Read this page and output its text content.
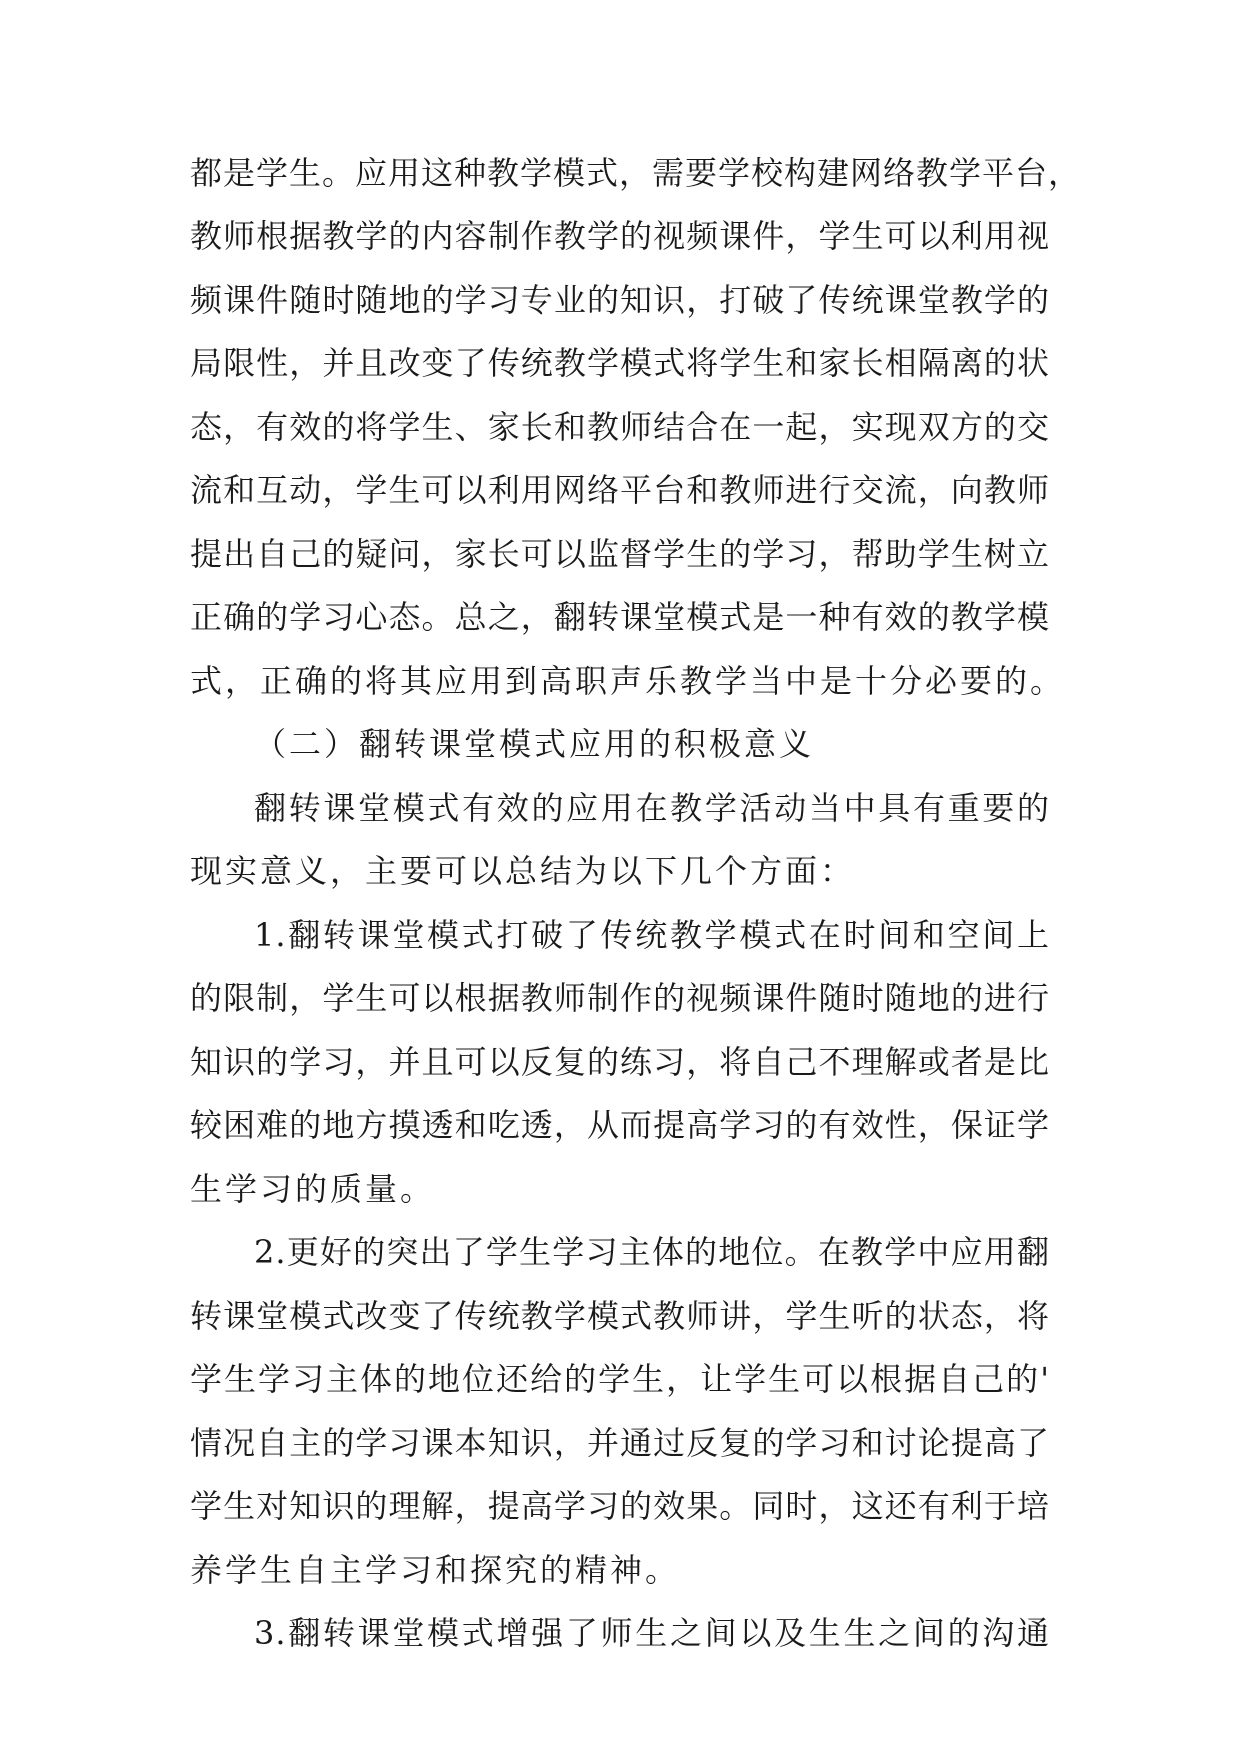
都是学生。应用这种教学模式，需要学校构建网络教学平台，
教师根据教学的内容制作教学的视频课件，学生可以利用视
频课件随时随地的学习专业的知识，打破了传统课堂教学的
局限性，并且改变了传统教学模式将学生和家长相隔离的状
态，有效的将学生、家长和教师结合在一起，实现双方的交
流和互动，学生可以利用网络平台和教师进行交流，向教师
提出自己的疑问，家长可以监督学生的学习，帮助学生树立
正确的学习心态。总之，翻转课堂模式是一种有效的教学模
式，正确的将其应用到高职声乐教学当中是十分必要的。
（二）翻转课堂模式应用的积极意义
翻转课堂模式有效的应用在教学活动当中具有重要的
现实意义，主要可以总结为以下几个方面：
1.翻转课堂模式打破了传统教学模式在时间和空间上
的限制，学生可以根据教师制作的视频课件随时随地的进行
知识的学习，并且可以反复的练习，将自己不理解或者是比
较困难的地方摸透和吃透，从而提高学习的有效性，保证学
生学习的质量。
2.更好的突出了学生学习主体的地位。在教学中应用翻
转课堂模式改变了传统教学模式教师讲，学生听的状态，将
学生学习主体的地位还给的学生，让学生可以根据自己的'
情况自主的学习课本知识，并通过反复的学习和讨论提高了
学生对知识的理解，提高学习的效果。同时，这还有利于培
养学生自主学习和探究的精神。
3.翻转课堂模式增强了师生之间以及生生之间的沟通
